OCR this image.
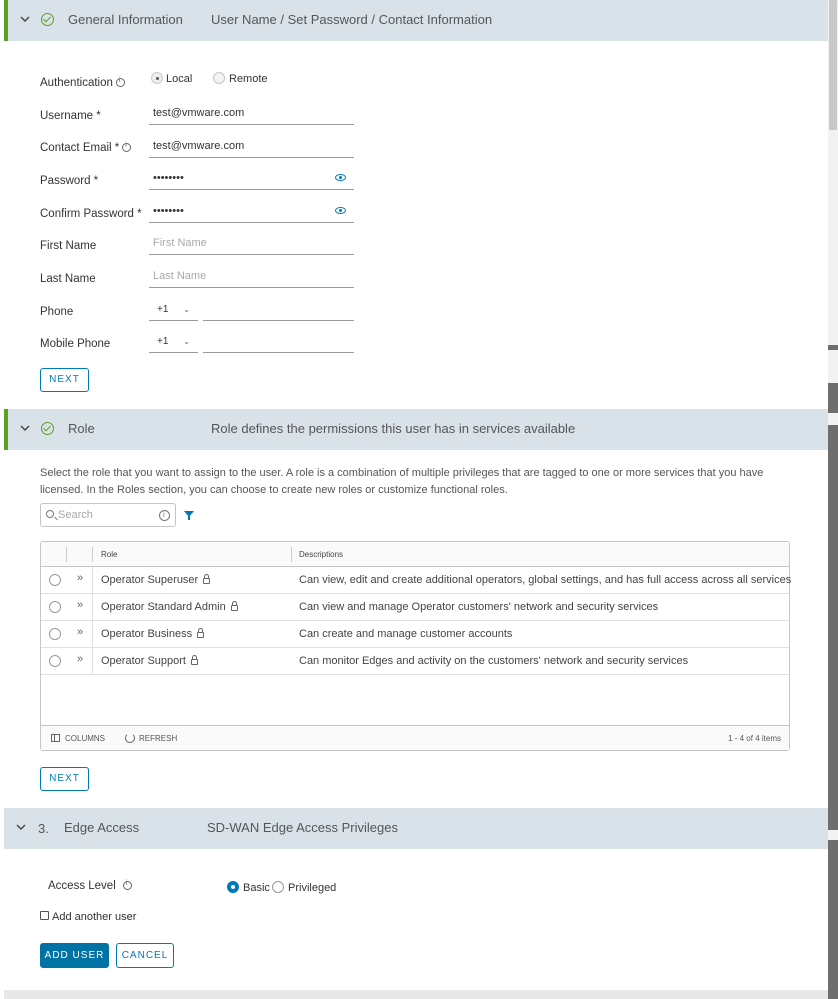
General Information User Name / Set Password / Contact Information
Authentication i	Local	Remote
Username *	test@vmware.com
Contact Email * i	test@vmware.com
Password *	••••••••
Confirm Password *	••••••••
First Name	First Name
Last Name	Last Name
Phone	+1 ⌄
Mobile Phone	+1 ⌄
NEXT
Role	Role defines the permissions this user has in services available

Select the role that you want to assign to the user. A role is a combination of multiple privileges that are tagged to one or more services that you have licensed. In the Roles section, you can choose to create new roles or customize functional roles.

Search
i
Role	Descriptions
» Operator Superuser	Can view, edit and create additional operators, global settings, and has full access across all services
» Operator Standard Admin	Can view and manage Operator customers' network and security services
» Operator Business	Can create and manage customer accounts
» Operator Support	Can monitor Edges and activity on the customers' network and security services
COLUMNS	REFRESH	1 - 4 of 4 items
NEXT
3. Edge Access	SD-WAN Edge Access Privileges
Access Level i	Basic Privileged
Add another user
ADD USER	CANCEL
